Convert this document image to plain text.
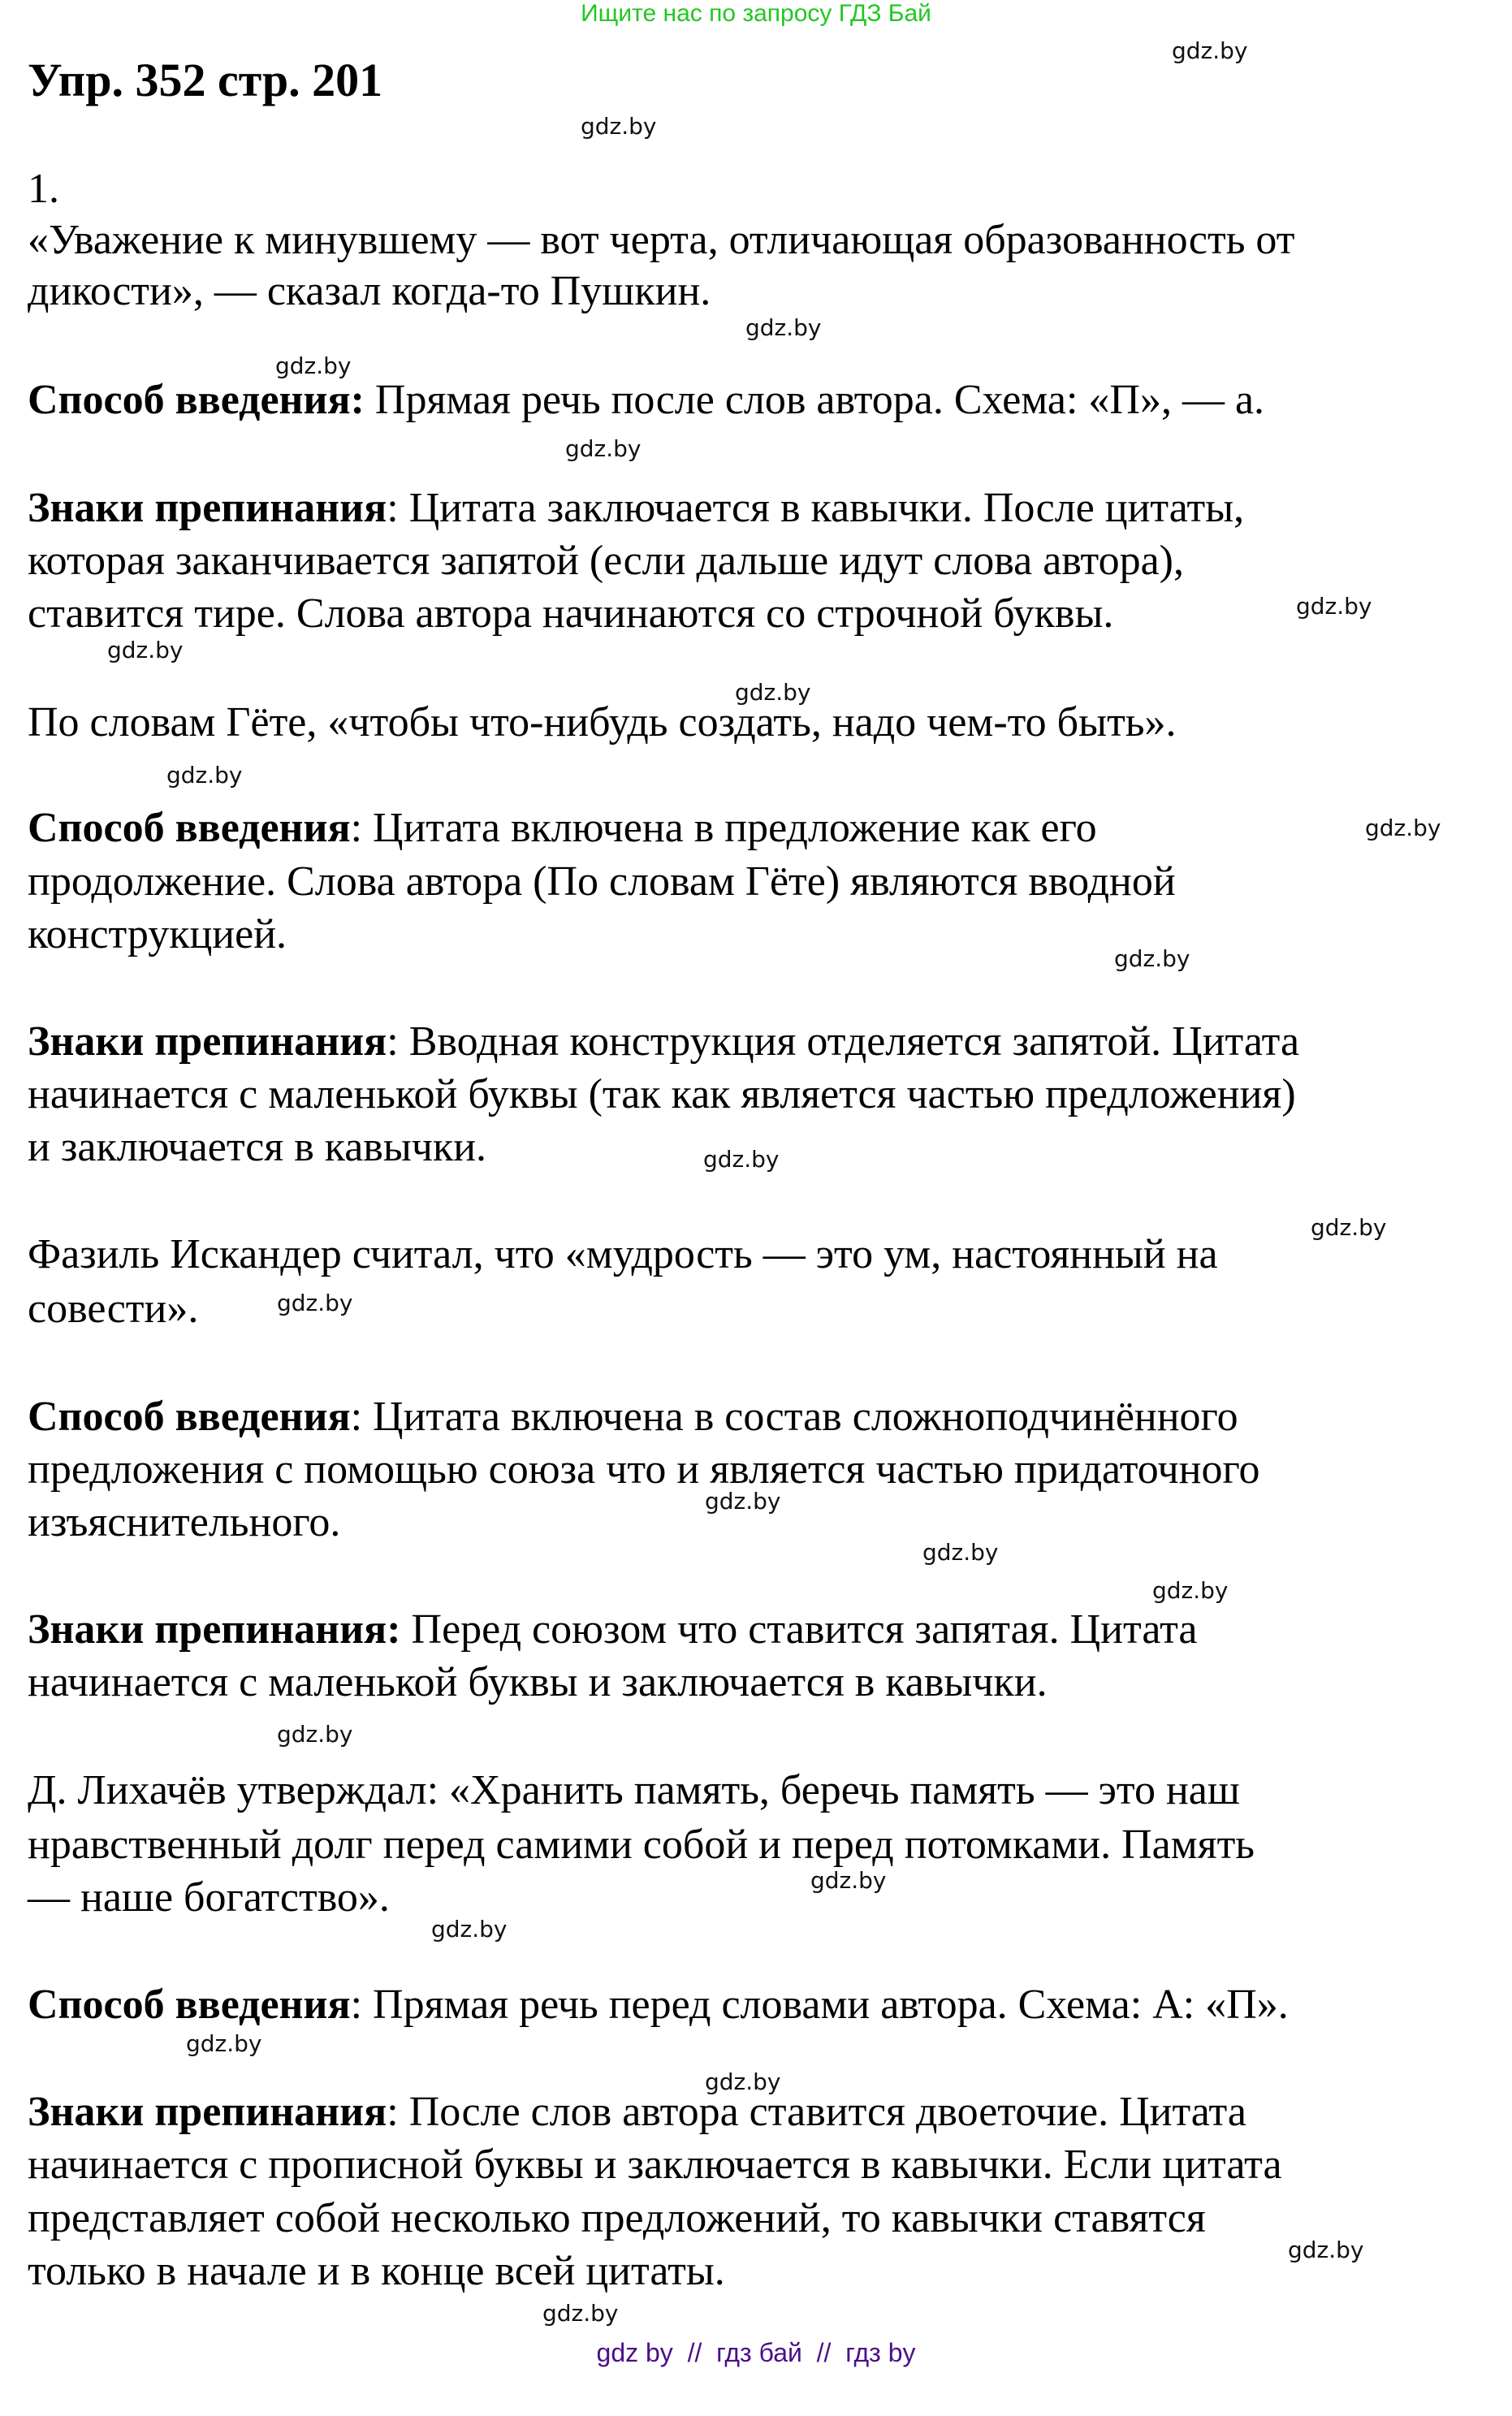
Ищите нас по запросу ГДЗ Бай
Упр. 352 стр. 201
gdz.by
gdz.by
1.
«Уважение к минувшему — вот черта, отличающая образованность от
дикости», — сказал когда-то Пушкин.
gdz.by
gdz.by
Способ введения: Прямая речь после слов автора. Схема: «П», — а.
gdz.by
Знаки препинания: Цитата заключается в кавычки. После цитаты,
которая заканчивается запятой (если дальше идут слова автора),
ставится тире. Слова автора начинаются со строчной буквы.	gdz.by
gdz.by
gdz.by
По словам Гёте, «чтобы что-нибудь создать, надо чем-то быть».
gdz.by
Способ введения: Цитата включена в предложение как его	gdz.by
продолжение. Слова автора (По словам Гёте) являются вводной
конструкцией.
gdz.by
Знаки препинания: Вводная конструкция отделяется запятой. Цитата
начинается с маленькой буквы (так как является частью предложения)
и заключается в кавычки.	gdz.by
gdz.by
Фазиль Искандер считал, что «мудрость — это ум, настоянный на
совести».	gdz.by
Способ введения: Цитата включена в состав сложноподчинённого
предложения с помощью союза что и является частью придаточного
gdz.by
изъяснительного.
gdz.by
gdz.by
Знаки препинания: Перед союзом что ставится запятая. Цитата
начинается с маленькой буквы и заключается в кавычки.
gdz.by
Д. Лихачёв утверждал: «Хранить память, беречь память — это наш
нравственный долг перед самими собой и перед потомками. Память
gdz.by
— наше богатство».
gdz.by
Способ введения: Прямая речь перед словами автора. Схема: А: «П».
gdz.by
gdz.by
Знаки препинания: После слов автора ставится двоеточие. Цитата
начинается с прописной буквы и заключается в кавычки. Если цитата
представляет собой несколько предложений, то кавычки ставятся
gdz.by
только в начале и в конце всей цитаты.
gdz.by
gdz by  //  гдз бай  //  гдз by
